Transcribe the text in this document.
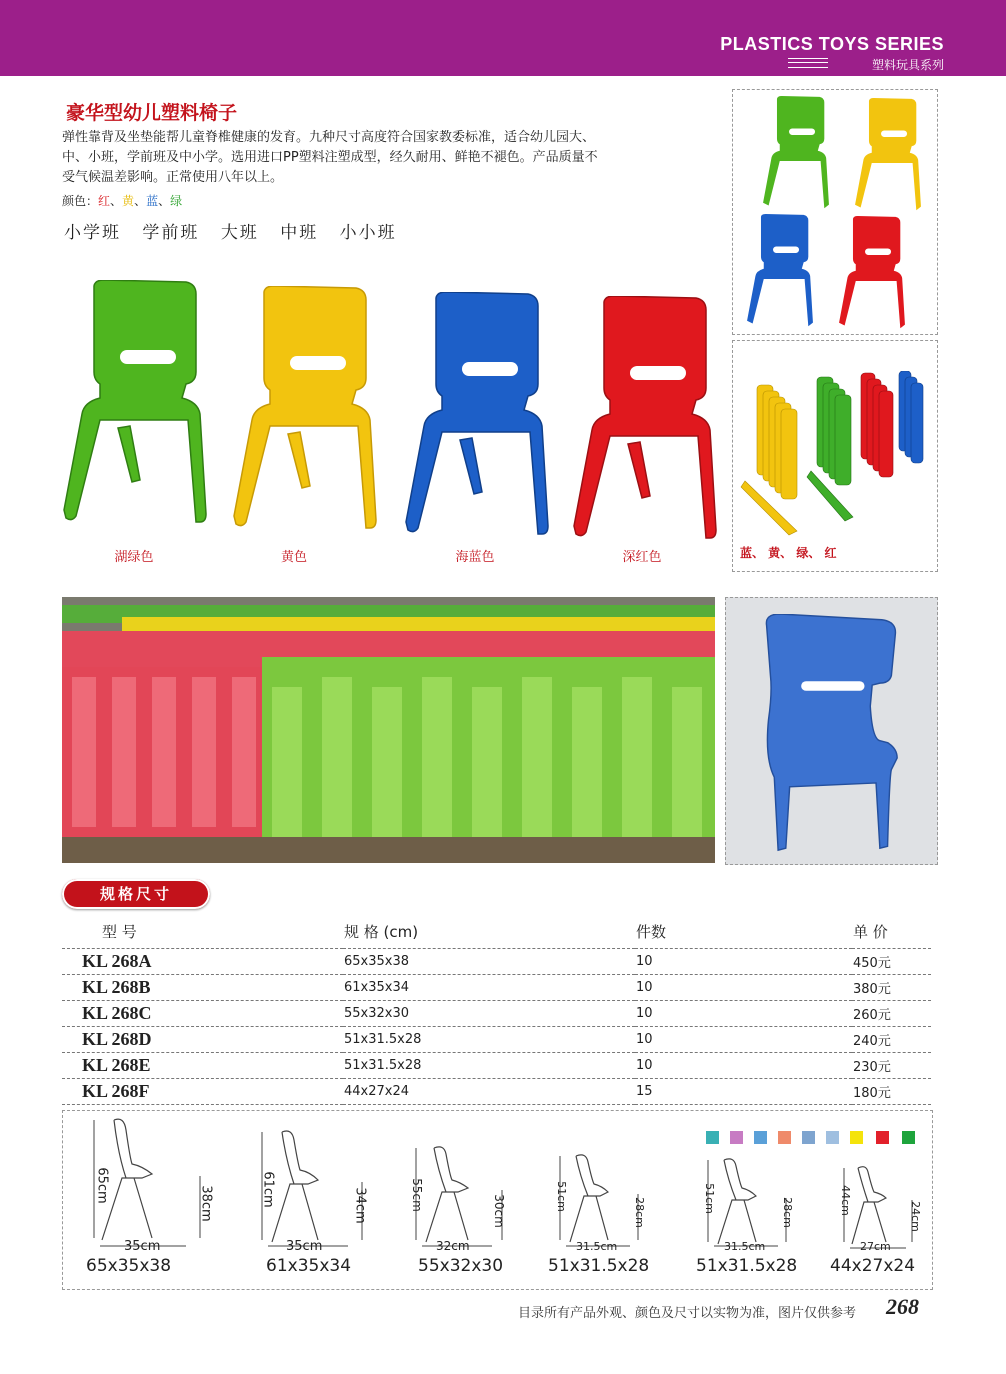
PLASTICS TOYS SERIES
塑料玩具系列
豪华型幼儿塑料椅子
弹性靠背及坐垫能帮儿童脊椎健康的发育。九种尺寸高度符合国家教委标准，适合幼儿园大、
中、小班，学前班及中小学。选用进口PP塑料注塑成型，经久耐用、鲜艳不褪色。产品质量不
受气候温差影响。正常使用八年以上。
颜色：红、黄、蓝、绿
小学班 学前班 大班 中班 小小班
湖绿色	黄色	海蓝色	深红色	蓝、 黄、 绿、 红
规格尺寸
型 号	规 格 (cm)	件数	单 价
KL 268A	65x35x38	10	450元
KL 268B	61x35x34	10	380元
KL 268C	55x32x30	10	260元
KL 268D	51x31.5x28	10	240元
KL 268E	51x31.5x28	10	230元
KL 268F	44x27x24	15	180元
65cm	38cm
35cm
65x35x38
61cm	34cm
35cm
61x35x34
55cm	30cm
32cm
55x32x30
51cm
28cm
31.5cm
51x31.5x28
51cm	28cm
31.5cm
51x31.5x28
44cm
24cm
27cm
44x27x24
目录所有产品外观、颜色及尺寸以实物为准，图片仅供参考 268
